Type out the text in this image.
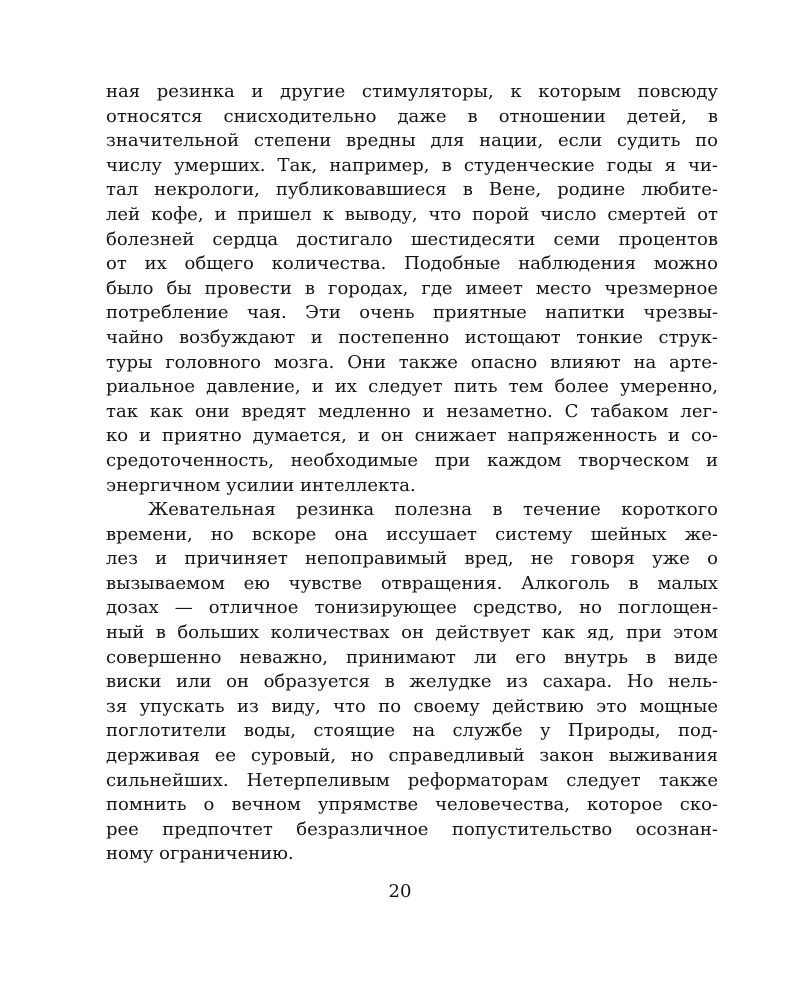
ная резинка и другие стимуляторы, к которым повсюду
относятся снисходительно даже в отношении детей, в
значительной степени вредны для нации, если судить по
числу умерших. Так, например, в студенческие годы я чи-
тал некрологи, публиковавшиеся в Вене, родине любите-
лей кофе, и пришел к выводу, что порой число смертей от
болезней сердца достигало шестидесяти семи процентов
от их общего количества. Подобные наблюдения можно
было бы провести в городах, где имеет место чрезмерное
потребление чая. Эти очень приятные напитки чрезвы-
чайно возбуждают и постепенно истощают тонкие струк-
туры головного мозга. Они также опасно влияют на арте-
риальное давление, и их следует пить тем более умеренно,
так как они вредят медленно и незаметно. С табаком лег-
ко и приятно думается, и он снижает напряженность и со-
средоточенность, необходимые при каждом творческом и
энергичном усилии интеллекта.
Жевательная резинка полезна в течение короткого
времени, но вскоре она иссушает систему шейных же-
лез и причиняет непоправимый вред, не говоря уже о
вызываемом ею чувстве отвращения. Алкоголь в малых
дозах — отличное тонизирующее средство, но поглощен-
ный в больших количествах он действует как яд, при этом
совершенно неважно, принимают ли его внутрь в виде
виски или он образуется в желудке из сахара. Но нель-
зя упускать из виду, что по своему действию это мощные
поглотители воды, стоящие на службе у Природы, под-
держивая ее суровый, но справедливый закон выживания
сильнейших. Нетерпеливым реформаторам следует также
помнить о вечном упрямстве человечества, которое ско-
рее предпочтет безразличное попустительство осознан-
ному ограничению.
20
